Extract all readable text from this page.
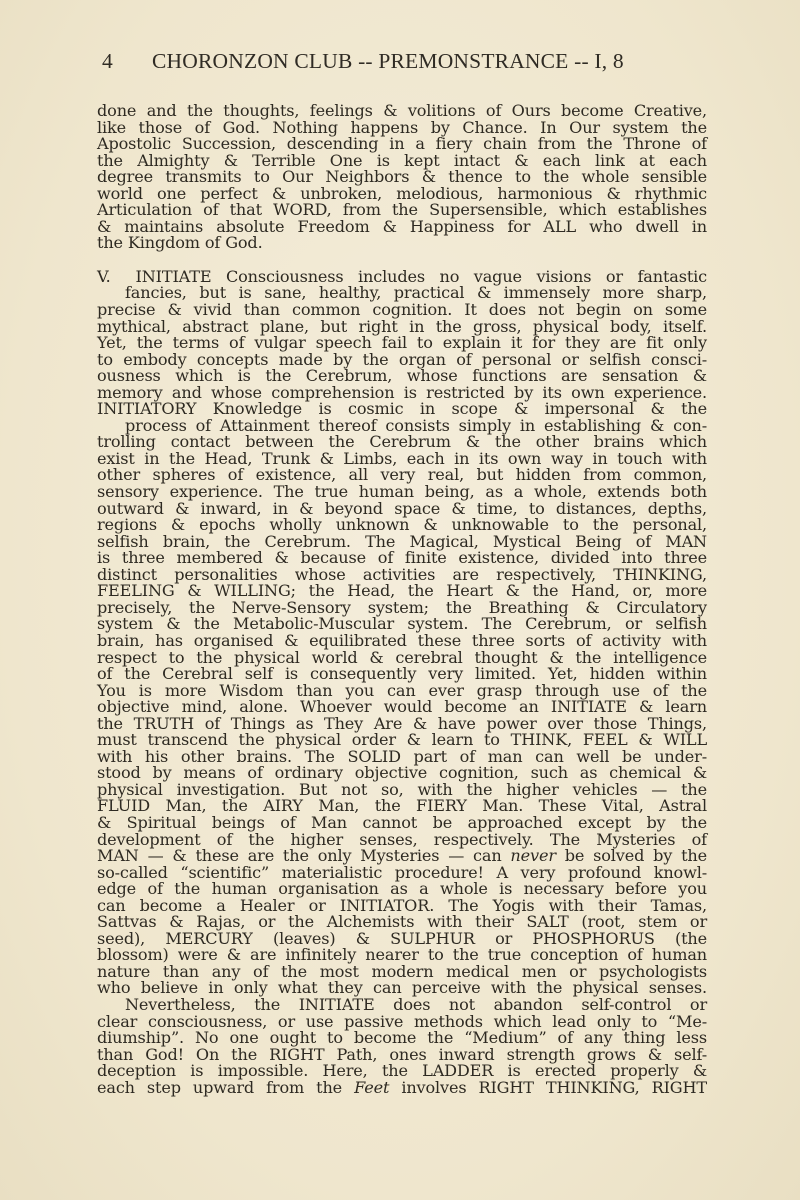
4 CHORONZON CLUB -- PREMONSTRANCE -- I, 8
done and the thoughts, feelings & volitions of Ours become Creative,
like those of God. Nothing happens by Chance. In Our system the
Apostolic Succession, descending in a fiery chain from the Throne of
the Almighty & Terrible One is kept intact & each link at each
degree transmits to Our Neighbors & thence to the whole sensible
world one perfect & unbroken, melodious, harmonious & rhythmic
Articulation of that WORD, from the Supersensible, which establishes
& maintains absolute Freedom & Happiness for ALL who dwell in
the Kingdom of God.
V. INITIATE Consciousness includes no vague visions or fantastic
fancies, but is sane, healthy, practical & immensely more sharp,
precise & vivid than common cognition. It does not begin on some
mythical, abstract plane, but right in the gross, physical body, itself.
Yet, the terms of vulgar speech fail to explain it for they are fit only
to embody concepts made by the organ of personal or selfish consci-
ousness which is the Cerebrum, whose functions are sensation &
memory and whose comprehension is restricted by its own experience.
INITIATORY Knowledge is cosmic in scope & impersonal & the
process of Attainment thereof consists simply in establishing & con-
trolling contact between the Cerebrum & the other brains which
exist in the Head, Trunk & Limbs, each in its own way in touch with
other spheres of existence, all very real, but hidden from common,
sensory experience. The true human being, as a whole, extends both
outward & inward, in & beyond space & time, to distances, depths,
regions & epochs wholly unknown & unknowable to the personal,
selfish brain, the Cerebrum. The Magical, Mystical Being of MAN
is three membered & because of finite existence, divided into three
distinct personalities whose activities are respectively, THINKING,
FEELING & WILLING; the Head, the Heart & the Hand, or, more
precisely, the Nerve-Sensory system; the Breathing & Circulatory
system & the Metabolic-Muscular system. The Cerebrum, or selfish
brain, has organised & equilibrated these three sorts of activity with
respect to the physical world & cerebral thought & the intelligence
of the Cerebral self is consequently very limited. Yet, hidden within
You is more Wisdom than you can ever grasp through use of the
objective mind, alone. Whoever would become an INITIATE & learn
the TRUTH of Things as They Are & have power over those Things,
must transcend the physical order & learn to THINK, FEEL & WILL
with his other brains. The SOLID part of man can well be under-
stood by means of ordinary objective cognition, such as chemical &
physical investigation. But not so, with the higher vehicles — the
FLUID Man, the AIRY Man, the FIERY Man. These Vital, Astral
& Spiritual beings of Man cannot be approached except by the
development of the higher senses, respectively. The Mysteries of
MAN — & these are the only Mysteries — can never be solved by the
so-called “scientific” materialistic procedure! A very profound knowl-
edge of the human organisation as a whole is necessary before you
can become a Healer or INITIATOR. The Yogis with their Tamas,
Sattvas & Rajas, or the Alchemists with their SALT (root, stem or
seed), MERCURY (leaves) & SULPHUR or PHOSPHORUS (the
blossom) were & are infinitely nearer to the true conception of human
nature than any of the most modern medical men or psychologists
who believe in only what they can perceive with the physical senses.
Nevertheless, the INITIATE does not abandon self-control or
clear consciousness, or use passive methods which lead only to “Me-
diumship”. No one ought to become the “Medium” of any thing less
than God! On the RIGHT Path, ones inward strength grows & self-
deception is impossible. Here, the LADDER is erected properly &
each step upward from the Feet involves RIGHT THINKING, RIGHT
